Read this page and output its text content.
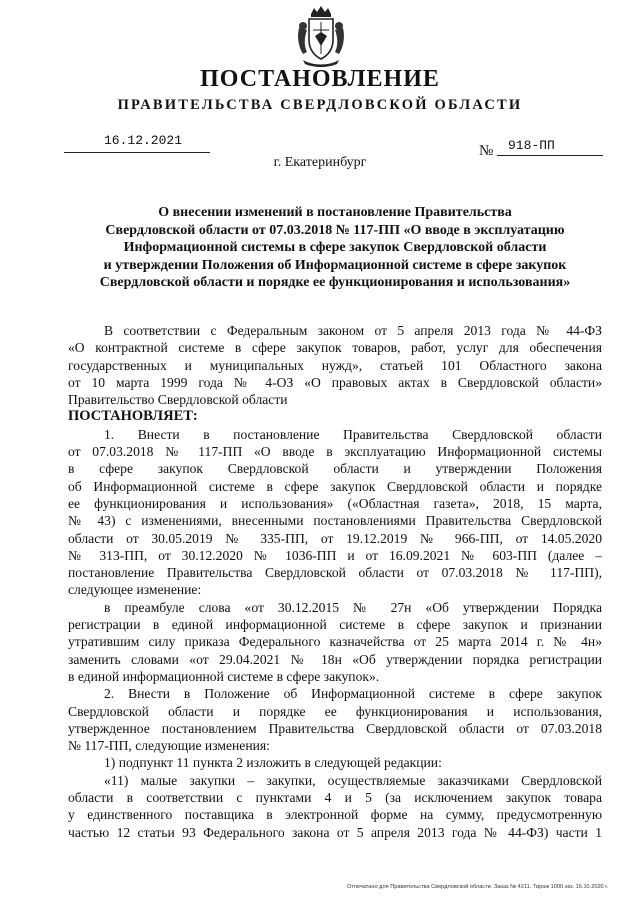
ПОСТАНОВЛЕНИЕ
ПРАВИТЕЛЬСТВА СВЕРДЛОВСКОЙ ОБЛАСТИ
16.12.2021
№ 918-ПП
г. Екатеринбург
О внесении изменений в постановление Правительства
Свердловской области от 07.03.2018 № 117-ПП «О вводе в эксплуатацию
Информационной системы в сфере закупок Свердловской области
и утверждении Положения об Информационной системе в сфере закупок
Свердловской области и порядке ее функционирования и использования»
В соответствии с Федеральным законом от 5 апреля 2013 года № 44-ФЗ
«О контрактной системе в сфере закупок товаров, работ, услуг для обеспечения
государственных и муниципальных нужд», статьей 101 Областного закона
от 10 марта 1999 года № 4-ОЗ «О правовых актах в Свердловской области»
Правительство Свердловской области
ПОСТАНОВЛЯЕТ:
1. Внести в постановление Правительства Свердловской области
от 07.03.2018 № 117-ПП «О вводе в эксплуатацию Информационной системы
в сфере закупок Свердловской области и утверждении Положения
об Информационной системе в сфере закупок Свердловской области и порядке
ее функционирования и использования» («Областная газета», 2018, 15 марта,
№ 43) с изменениями, внесенными постановлениями Правительства Свердловской
области от 30.05.2019 № 335-ПП, от 19.12.2019 № 966-ПП, от 14.05.2020
№ 313-ПП, от 30.12.2020 № 1036-ПП и от 16.09.2021 № 603-ПП (далее –
постановление Правительства Свердловской области от 07.03.2018 № 117-ПП),
следующее изменение:
в преамбуле слова «от 30.12.2015 № 27н «Об утверждении Порядка
регистрации в единой информационной системе в сфере закупок и признании
утратившим силу приказа Федерального казначейства от 25 марта 2014 г. № 4н»
заменить словами «от 29.04.2021 № 18н «Об утверждении порядка регистрации
в единой информационной системе в сфере закупок».
2. Внести в Положение об Информационной системе в сфере закупок
Свердловской области и порядке ее функционирования и использования,
утвержденное постановлением Правительства Свердловской области от 07.03.2018
№ 117-ПП, следующие изменения:
1) подпункт 11 пункта 2 изложить в следующей редакции:
«11) малые закупки – закупки, осуществляемые заказчиками Свердловской
области в соответствии с пунктами 4 и 5 (за исключением закупок товара
у единственного поставщика в электронной форме на сумму, предусмотренную
частью 12 статьи 93 Федерального закона от 5 апреля 2013 года № 44-ФЗ) части 1
Отпечатано для Правительства Свердловской области. Заказ № 4211. Тираж 1000 экз. 16.10.2020 г.
